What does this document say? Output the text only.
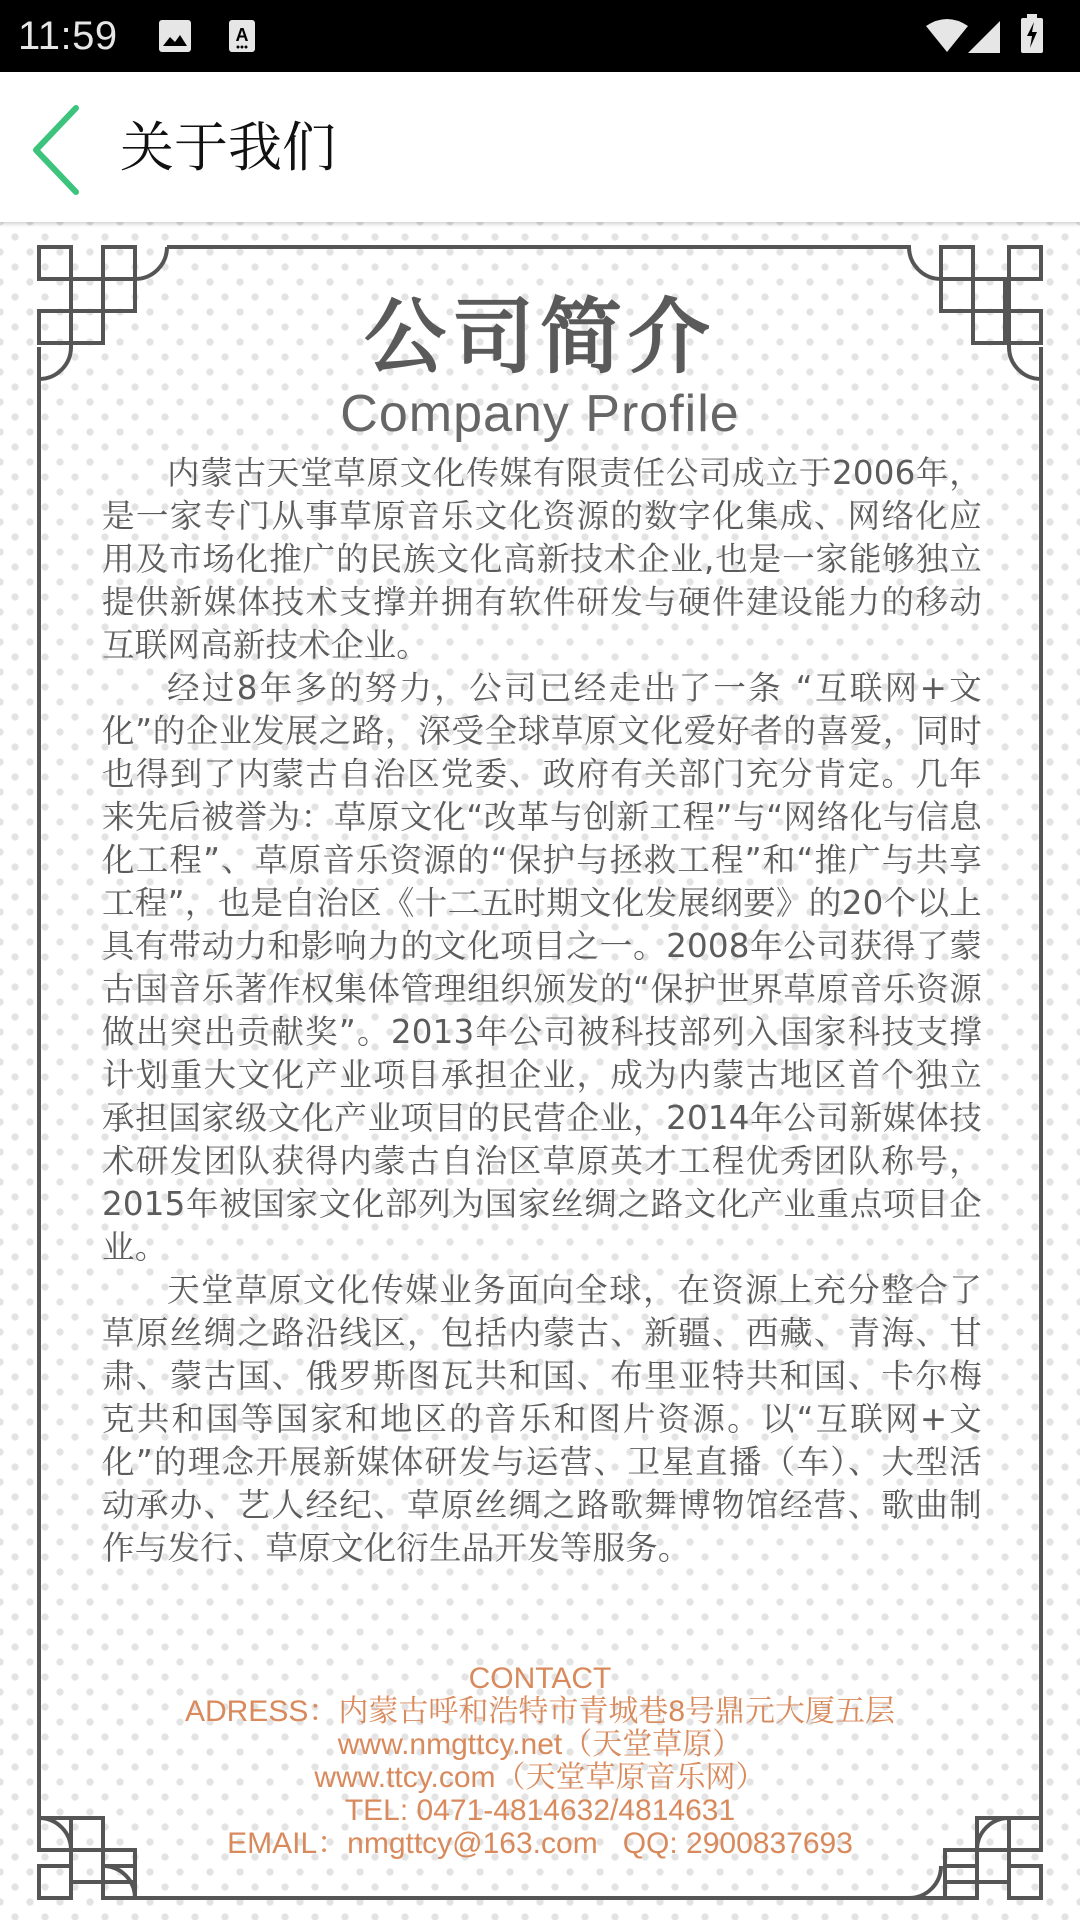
11:59	A
关于我们
公司简介
Company Profile

内蒙古天堂草原文化传媒有限责任公司成立于2006年，是一家专门从事草原音乐文化资源的数字化集成、网络化应用及市场化推广的民族文化高新技术企业,也是一家能够独立提供新媒体技术支撑并拥有软件研发与硬件建设能力的移动互联网高新技术企业。

经过8年多的努力，公司已经走出了一条 “互联网+文化”的企业发展之路，深受全球草原文化爱好者的喜爱，同时也得到了内蒙古自治区党委、政府有关部门充分肯定。几年来先后被誉为：草原文化“改革与创新工程”与“网络化与信息化工程”、草原音乐资源的“保护与拯救工程”和“推广与共享工程”，也是自治区《十二五时期文化发展纲要》的20个以上具有带动力和影响力的文化项目之一。2008年公司获得了蒙古国音乐著作权集体管理组织颁发的“保护世界草原音乐资源做出突出贡献奖”。2013年公司被科技部列入国家科技支撑计划重大文化产业项目承担企业，成为内蒙古地区首个独立承担国家级文化产业项目的民营企业，2014年公司新媒体技术研发团队获得内蒙古自治区草原英才工程优秀团队称号，2015年被国家文化部列为国家丝绸之路文化产业重点项目企业。

天堂草原文化传媒业务面向全球，在资源上充分整合了草原丝绸之路沿线区，包括内蒙古、新疆、西藏、青海、甘肃、蒙古国、俄罗斯图瓦共和国、布里亚特共和国、卡尔梅克共和国等国家和地区的音乐和图片资源。以“互联网+文化”的理念开展新媒体研发与运营、卫星直播（车）、大型活动承办、艺人经纪、草原丝绸之路歌舞博物馆经营、歌曲制作与发行、草原文化衍生品开发等服务。

CONTACT
ADRESS：内蒙古呼和浩特市青城巷8号鼎元大厦五层
www.nmgttcy.net（天堂草原）
www.ttcy.com（天堂草原音乐网）
TEL: 0471-4814632/4814631
EMAIL：nmgttcy@163.com   QQ: 2900837693
